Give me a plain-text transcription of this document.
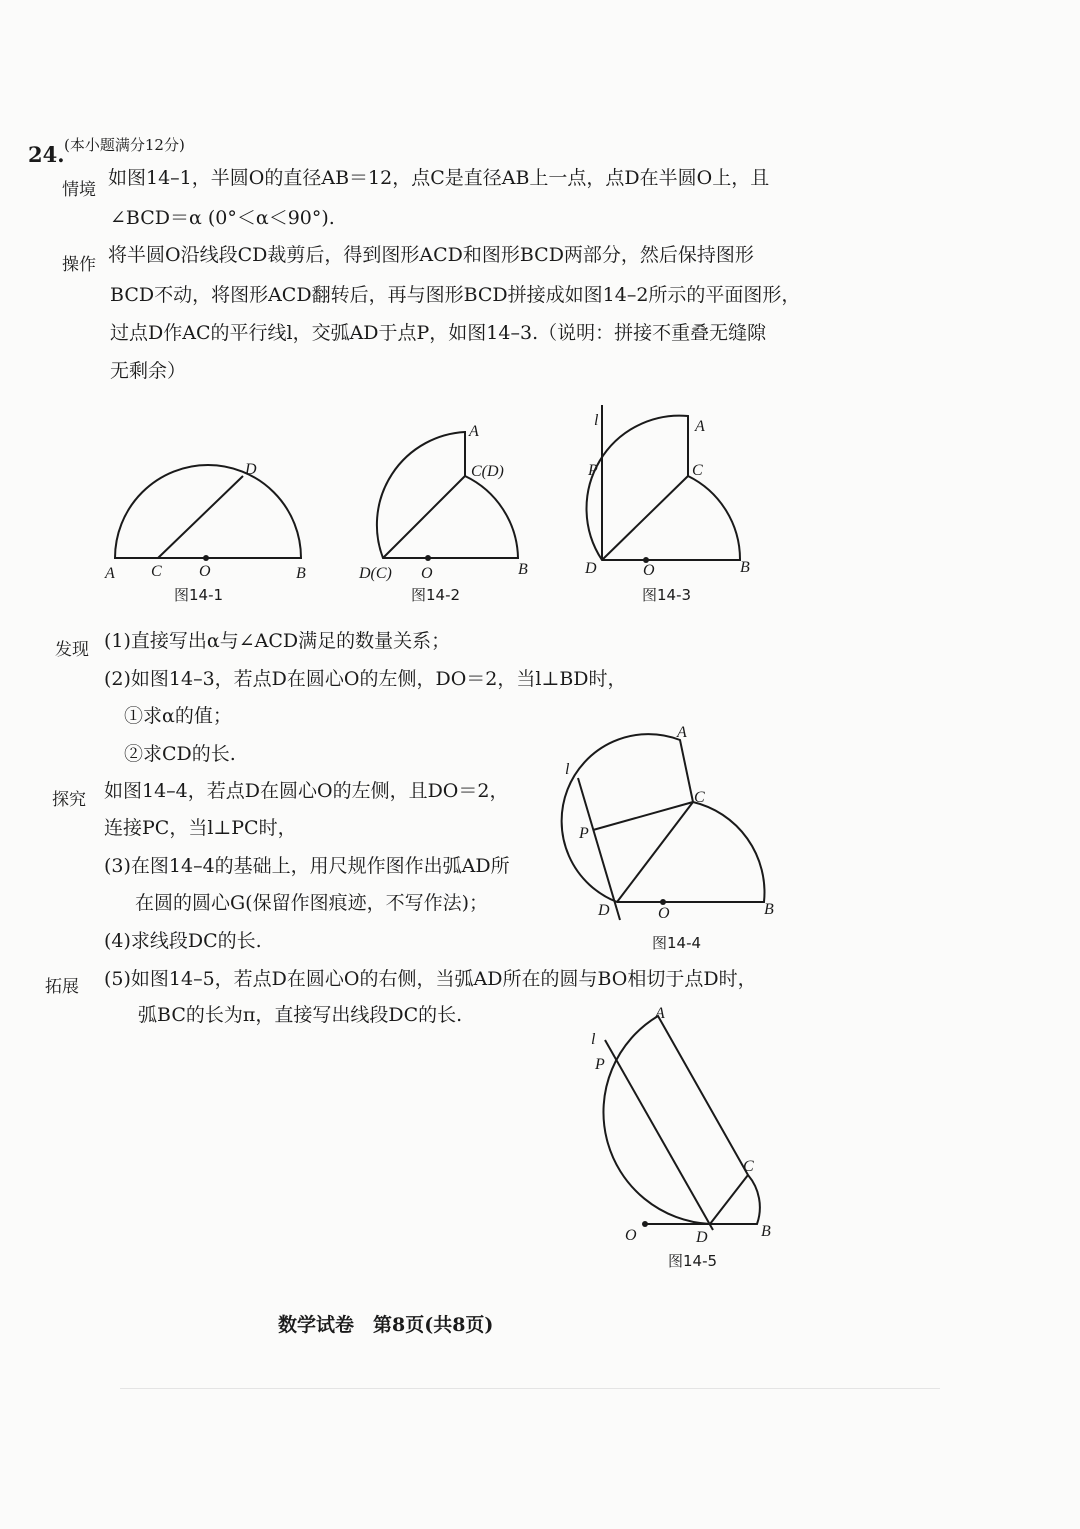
24. (本小题满分12分)
情境
如图14–1，半圆O的直径AB＝12，点C是直径AB上一点，点D在半圆O上，且
∠BCD＝α (0°＜α＜90°).
操作 将半圆O沿线段CD裁剪后，得到图形ACD和图形BCD两部分，然后保持图形
BCD不动，将图形ACD翻转后，再与图形BCD拼接成如图14–2所示的平面图形，
过点D作AC的平行线l，交弧AD于点P，如图14–3.（说明：拼接不重叠无缝隙
无剩余）
A C O	B
D
图14-1
A
C(D)
D(C) O	B
图14-2
l	A
P	C
D	O	B
图14-3
发现 (1)直接写出α与∠ACD满足的数量关系；
(2)如图14–3，若点D在圆心O的左侧，DO＝2，当l⊥BD时，
①求α的值；
②求CD的长.
探究 如图14–4，若点D在圆心O的左侧，且DO＝2，
连接PC，当l⊥PC时，
(3)在图14–4的基础上，用尺规作图作出弧AD所
在圆的圆心G(保留作图痕迹，不写作法)；
(4)求线段DC的长.
A
l
C
P
D	O	B
图14-4
拓展 (5)如图14–5，若点D在圆心O的右侧，当弧AD所在的圆与BO相切于点D时，
弧BC的长为π，直接写出线段DC的长.	A
l
P
C
O	D	B
图14-5
数学试卷　第8页(共8页)
